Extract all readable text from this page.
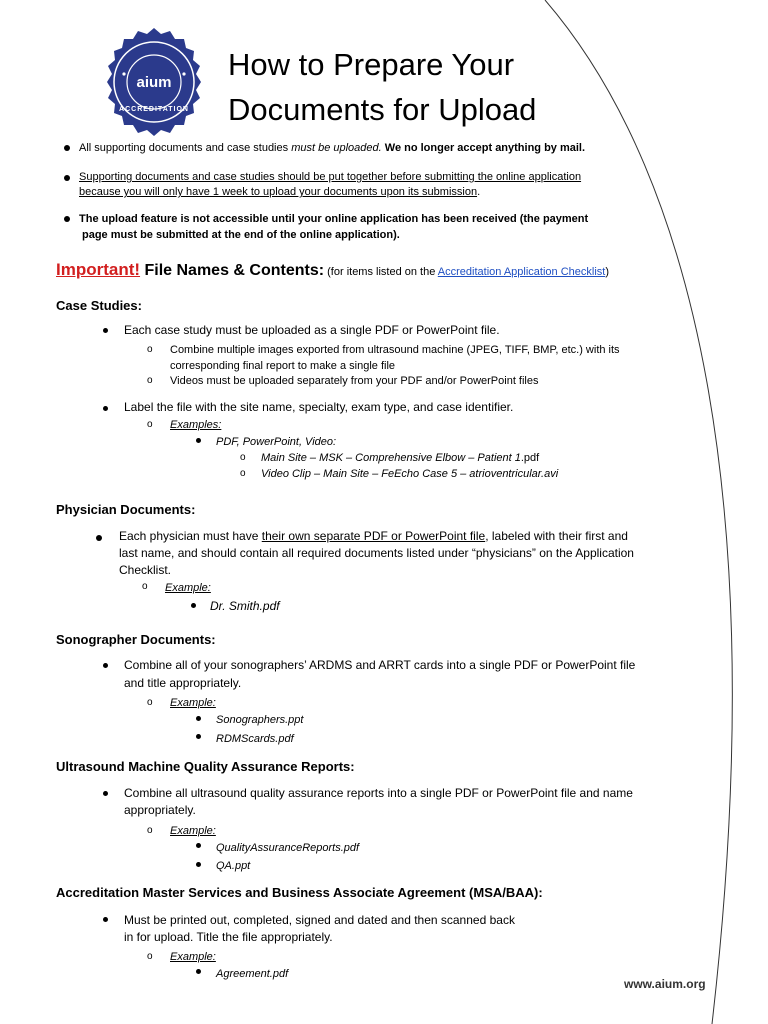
aium
ACCREDITATION
How to Prepare Your
Documents for Upload
All supporting documents and case studies must be uploaded. We no longer accept anything by mail.
Supporting documents and case studies should be put together before submitting the online application
because you will only have 1 week to upload your documents upon its submission.
The upload feature is not accessible until your online application has been received (the payment
page must be submitted at the end of the online application).
Important! File Names & Contents: (for items listed on the Accreditation Application Checklist)
Case Studies:
Each case study must be uploaded as a single PDF or PowerPoint file.
o Combine multiple images exported from ultrasound machine (JPEG, TIFF, BMP, etc.) with its
corresponding final report to make a single file
o Videos must be uploaded separately from your PDF and/or PowerPoint files
Label the file with the site name, specialty, exam type, and case identifier.
o Examples:
PDF, PowerPoint, Video:
o Main Site – MSK – Comprehensive Elbow – Patient 1.pdf
o Video Clip – Main Site – FeEcho Case 5 – atrioventricular.avi
Physician Documents:
Each physician must have their own separate PDF or PowerPoint file, labeled with their first and
last name, and should contain all required documents listed under “physicians” on the Application
Checklist.
o Example:
Dr. Smith.pdf
Sonographer Documents:
Combine all of your sonographers’ ARDMS and ARRT cards into a single PDF or PowerPoint file
and title appropriately.
o Example:
Sonographers.ppt
RDMScards.pdf
Ultrasound Machine Quality Assurance Reports:
Combine all ultrasound quality assurance reports into a single PDF or PowerPoint file and name
appropriately.
o Example:
QualityAssuranceReports.pdf
QA.ppt
Accreditation Master Services and Business Associate Agreement (MSA/BAA):
Must be printed out, completed, signed and dated and then scanned back
in for upload. Title the file appropriately.
o Example:
Agreement.pdf
www.aium.org
